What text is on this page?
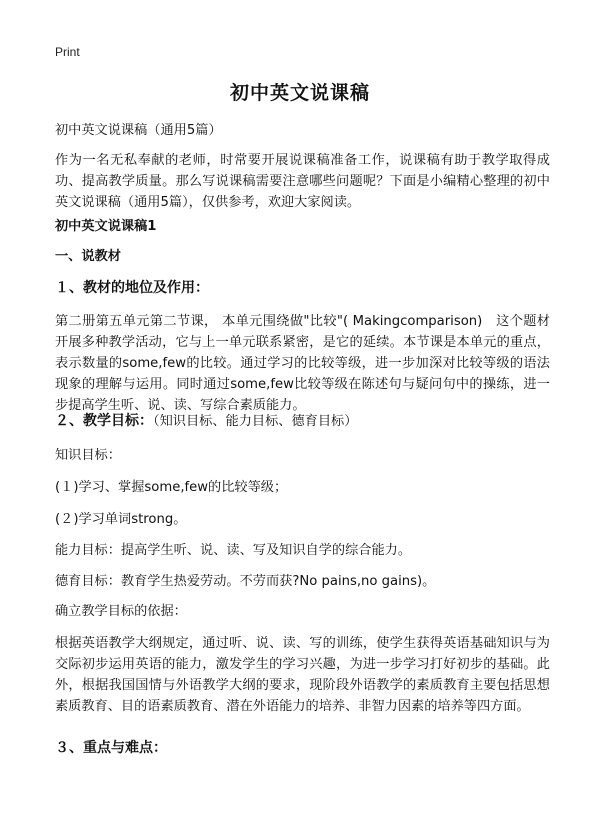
Print
初中英文说课稿
初中英文说课稿（通用5篇）
作为一名无私奉献的老师，时常要开展说课稿准备工作，说课稿有助于教学取得成功、提高教学质量。那么写说课稿需要注意哪些问题呢？下面是小编精心整理的初中英文说课稿（通用5篇），仅供参考，欢迎大家阅读。
初中英文说课稿1
一、说教材
１、教材的地位及作用：
第二册第五单元第二节课， 本单元围绕做"比较"( Makingcomparison)　这个题材开展多种教学活动，它与上一单元联系紧密，是它的延续。本节课是本单元的重点，表示数量的some,few的比较。通过学习的比较等级，进一步加深对比较等级的语法现象的理解与运用。同时通过some,few比较等级在陈述句与疑问句中的操练，进一步提高学生听、说、读、写综合素质能力。
２、教学目标：（知识目标、能力目标、德育目标）
知识目标：
(１)学习、掌握some,few的比较等级；
(２)学习单词strong。
能力目标：提高学生听、说、读、写及知识自学的综合能力。
德育目标：教育学生热爱劳动。不劳而获?No pains,no gains)。
确立教学目标的依据：
根据英语教学大纲规定，通过听、说、读、写的训练，使学生获得英语基础知识与为交际初步运用英语的能力，激发学生的学习兴趣，为进一步学习打好初步的基础。此外，根据我国国情与外语教学大纲的要求，现阶段外语教学的素质教育主要包括思想素质教育、目的语素质教育、潜在外语能力的培养、非智力因素的培养等四方面。
３、重点与难点：
